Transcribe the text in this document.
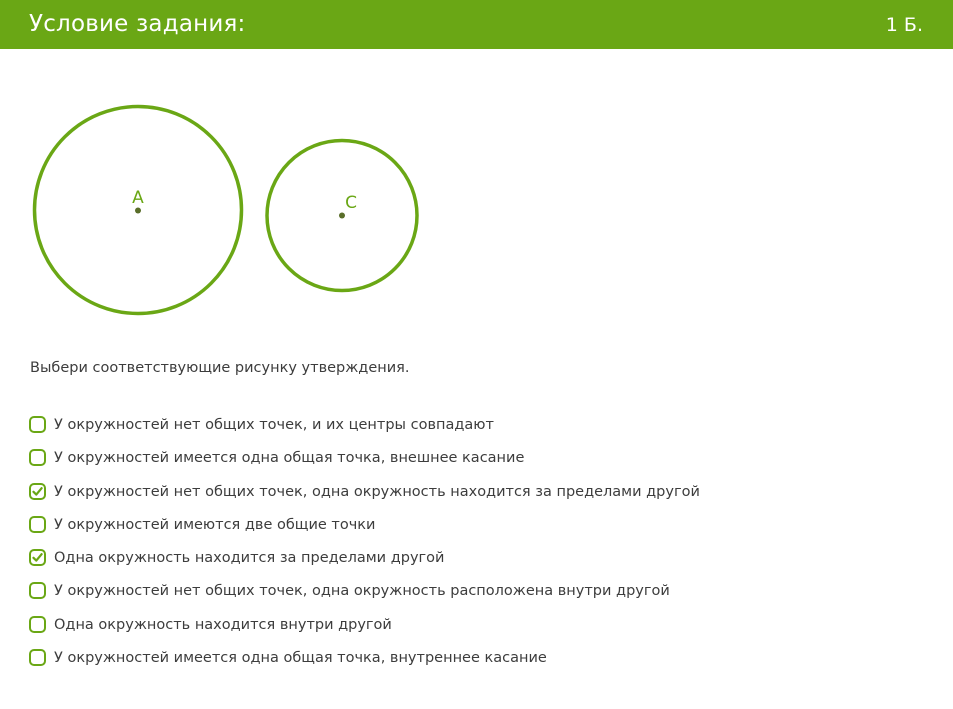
Условие задания:	1 Б.
A	C
Выбери соответствующие рисунку утверждения.
У окружностей нет общих точек, и их центры совпадают
У окружностей имеется одна общая точка, внешнее касание
У окружностей нет общих точек, одна окружность находится за пределами другой
У окружностей имеются две общие точки
Одна окружность находится за пределами другой
У окружностей нет общих точек, одна окружность расположена внутри другой
Одна окружность находится внутри другой
У окружностей имеется одна общая точка, внутреннее касание
